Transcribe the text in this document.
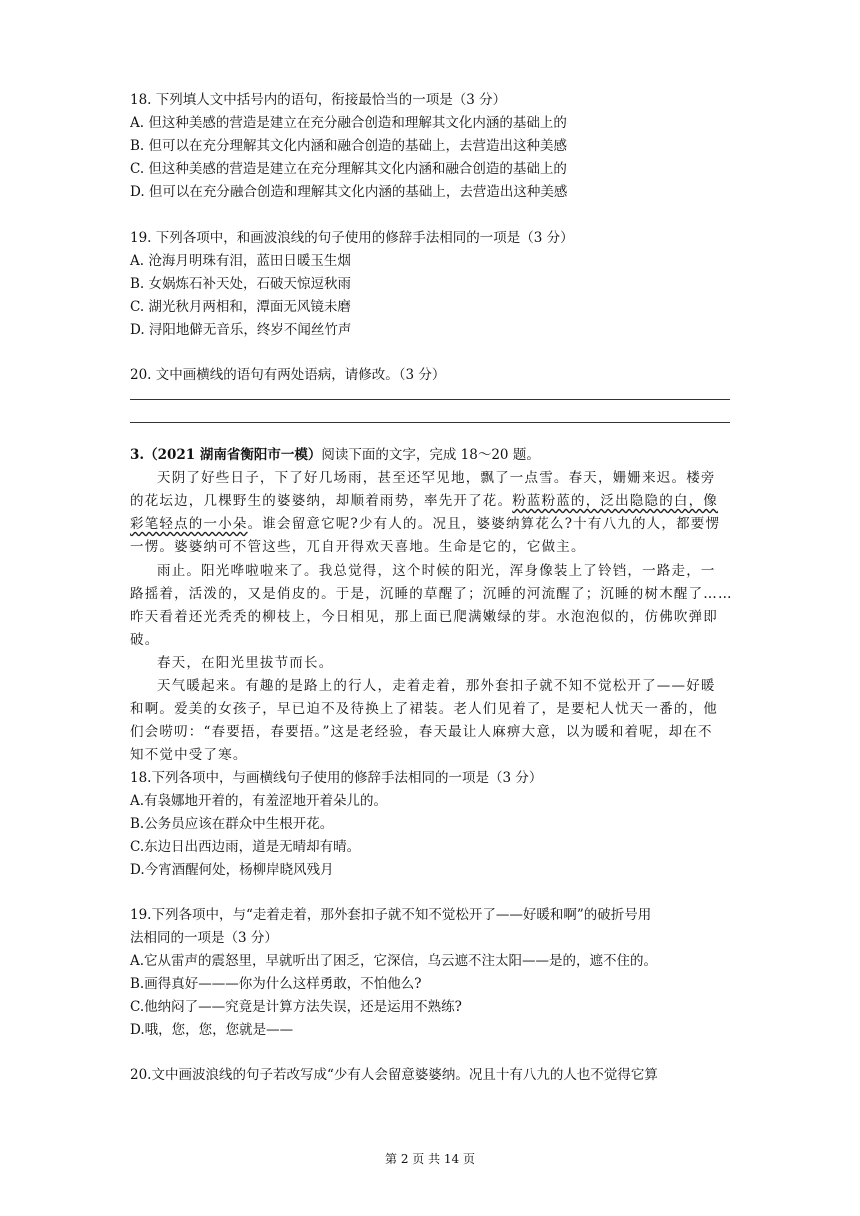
18. 下列填人文中括号内的语句，衔接最恰当的一项是（3 分）
A. 但这种美感的营造是建立在充分融合创造和理解其文化内涵的基础上的
B. 但可以在充分理解其文化内涵和融合创造的基础上，去营造出这种美感
C. 但这种美感的营造是建立在充分理解其文化内涵和融合创造的基础上的
D. 但可以在充分融合创造和理解其文化内涵的基础上，去营造出这种美感
19. 下列各项中，和画波浪线的句子使用的修辞手法相同的一项是（3 分）
A. 沧海月明珠有泪，蓝田日暖玉生烟
B. 女娲炼石补天处，石破天惊逗秋雨
C. 湖光秋月两相和，潭面无风镜未磨
D. 浔阳地僻无音乐，终岁不闻丝竹声
20. 文中画横线的语句有两处语病，请修改。（3 分）
3.（2021 湖南省衡阳市一模）阅读下面的文字，完成 18～20 题。
天阴了好些日子，下了好几场雨，甚至还罕见地，飘了一点雪。春天，姗姗来迟。楼旁
的花坛边，几棵野生的婆婆纳，却顺着雨势，率先开了花。粉蓝粉蓝的，泛出隐隐的白，像
彩笔轻点的一小朵。谁会留意它呢?少有人的。况且，婆婆纳算花么?十有八九的人，都要愣
一愣。婆婆纳可不管这些，兀自开得欢天喜地。生命是它的，它做主。
雨止。阳光哗啦啦来了。我总觉得，这个时候的阳光，浑身像装上了铃铛，一路走，一
路摇着，活泼的，又是俏皮的。于是，沉睡的草醒了；沉睡的河流醒了；沉睡的树木醒了……
昨天看着还光秃秃的柳枝上，今日相见，那上面已爬满嫩绿的芽。水泡泡似的，仿佛吹弹即
破。
春天，在阳光里拔节而长。
天气暖起来。有趣的是路上的行人，走着走着，那外套扣子就不知不觉松开了——好暖
和啊。爱美的女孩子，早已迫不及待换上了裙装。老人们见着了，是要杞人忧天一番的，他
们会唠叨：“春要捂，春要捂。”这是老经验，春天最让人麻痹大意，以为暖和着呢，却在不
知不觉中受了寒。
18.下列各项中，与画横线句子使用的修辞手法相同的一项是（3 分）
A.有袅娜地开着的，有羞涩地开着朵儿的。
B.公务员应该在群众中生根开花。
C.东边日出西边雨，道是无晴却有晴。
D.今宵酒醒何处，杨柳岸晓风残月
19.下列各项中，与“走着走着，那外套扣子就不知不觉松开了——好暖和啊”的破折号用
法相同的一项是（3 分）
A.它从雷声的震怒里，早就听出了困乏，它深信，乌云遮不注太阳——是的，遮不住的。
B.画得真好———你为什么这样勇敢，不怕他么?
C.他纳闷了——究竟是计算方法失误，还是运用不熟练?
D.哦，您，您，您就是——
20.文中画波浪线的句子若改写成“少有人会留意婆婆纳。况且十有八九的人也不觉得它算
第 2 页 共 14 页
